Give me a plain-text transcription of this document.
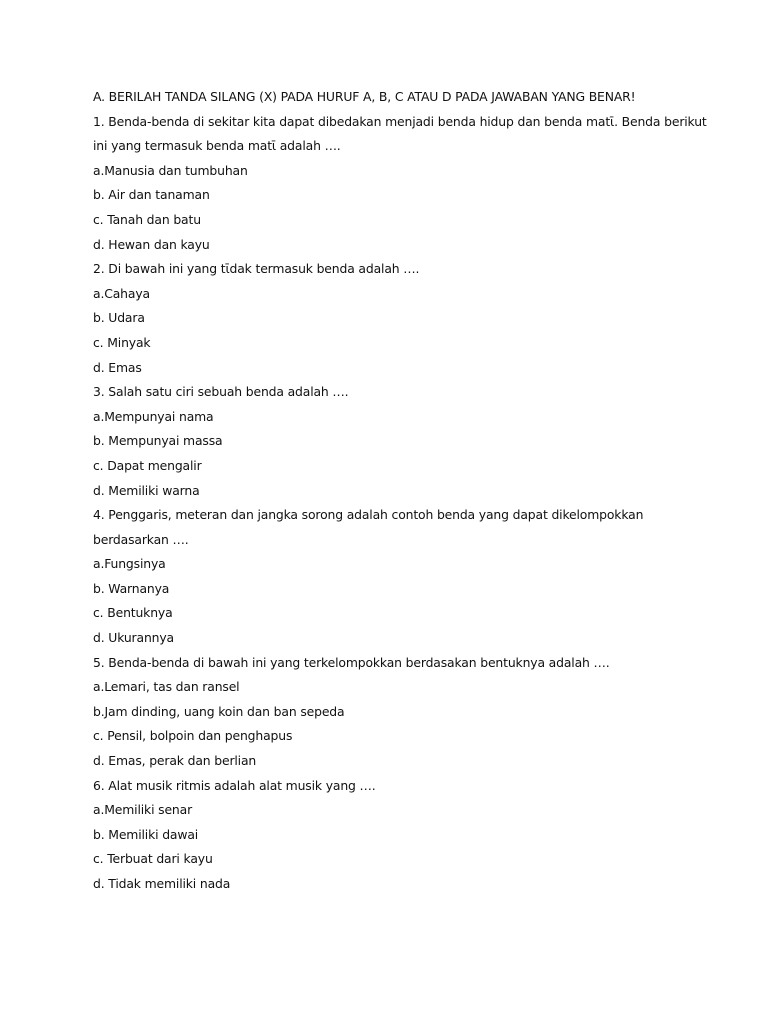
A. BERILAH TANDA SILANG (X) PADA HURUF A, B, C ATAU D PADA JAWABAN YANG BENAR!
1. Benda-benda di sekitar kita dapat dibedakan menjadi benda hidup dan benda matῑ. Benda berikut
ini yang termasuk benda matῑ adalah ….
a.Manusia dan tumbuhan
b. Air dan tanaman
c. Tanah dan batu
d. Hewan dan kayu
2. Di bawah ini yang tῑdak termasuk benda adalah ….
a.Cahaya
b. Udara
c. Minyak
d. Emas
3. Salah satu ciri sebuah benda adalah ….
a.Mempunyai nama
b. Mempunyai massa
c. Dapat mengalir
d. Memiliki warna
4. Penggaris, meteran dan jangka sorong adalah contoh benda yang dapat dikelompokkan
berdasarkan ….
a.Fungsinya
b. Warnanya
c. Bentuknya
d. Ukurannya
5. Benda-benda di bawah ini yang terkelompokkan berdasakan bentuknya adalah ….
a.Lemari, tas dan ransel
b.Jam dinding, uang koin dan ban sepeda
c. Pensil, bolpoin dan penghapus
d. Emas, perak dan berlian
6. Alat musik ritmis adalah alat musik yang ….
a.Memiliki senar
b. Memiliki dawai
c. Terbuat dari kayu
d. Tidak memiliki nada
